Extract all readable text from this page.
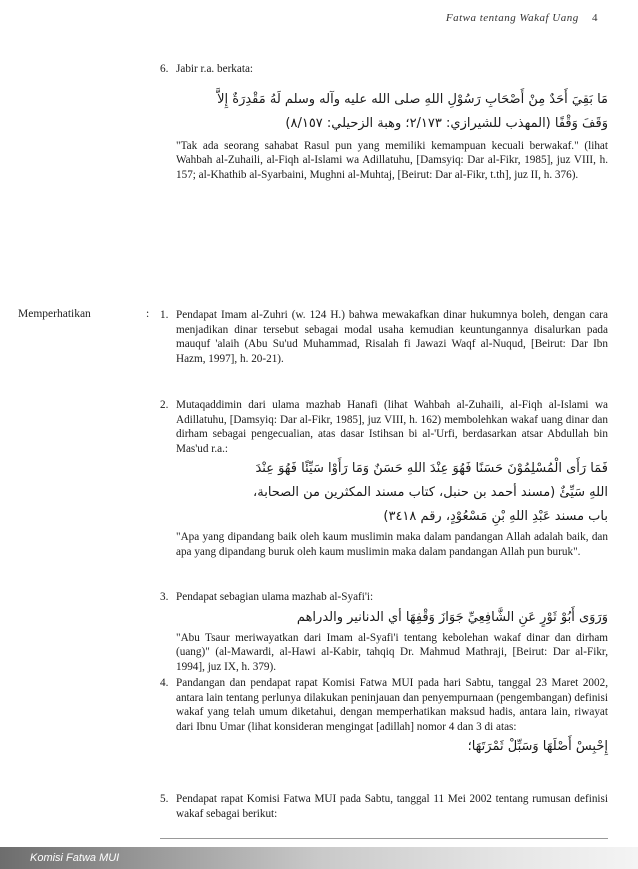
Fatwa tentang Wakaf Uang 4
6. Jabir r.a. berkata:
مَا بَقِيَ أَحَدٌ مِنْ أَصْحَابِ رَسُوْلِ اللهِ صلى الله عليه وآله وسلم لَهُ مَقْدِرَةٌ إِلاَّ
وَقَفَ وَقْفًا (المهذب للشيرازي: ٢/١٧٣؛ وهبة الزحيلي: ٨/١٥٧)
"Tak ada seorang sahabat Rasul pun yang memiliki kemampuan kecuali berwakaf." (lihat Wahbah al-Zuhaili, al-Fiqh al-Islami wa Adillatuhu, [Damsyiq: Dar al-Fikr, 1985], juz VIII, h. 157; al-Khathib al-Syarbaini, Mughni al-Muhtaj, [Beirut: Dar al-Fikr, t.th], juz II, h. 376).
Memperhatikan	: 1. Pendapat Imam al-Zuhri (w. 124 H.) bahwa mewakafkan dinar hukumnya boleh, dengan cara menjadikan dinar tersebut sebagai modal usaha kemudian keuntungannya disalurkan pada mauquf 'alaih (Abu Su'ud Muhammad, Risalah fi Jawazi Waqf al-Nuqud, [Beirut: Dar Ibn Hazm, 1997], h. 20-21).
2. Mutaqaddimin dari ulama mazhab Hanafi (lihat Wahbah al-Zuhaili, al-Fiqh al-Islami wa Adillatuhu, [Damsyiq: Dar al-Fikr, 1985], juz VIII, h. 162) membolehkan wakaf uang dinar dan dirham sebagai pengecualian, atas dasar Istihsan bi al-'Urfi, berdasarkan atsar Abdullah bin Mas'ud r.a.:
فَمَا رَأَى الْمُسْلِمُوْنَ حَسَنًا فَهُوَ عِنْدَ اللهِ حَسَنٌ وَمَا رَأَوْا سَيِّئًا فَهُوَ عِنْدَ
اللهِ سَيِّئٌ (مسند أحمد بن حنبل، كتاب مسند المكثرين من الصحابة،
باب مسند عَبْدِ اللهِ بْنِ مَسْعُوْدٍ، رقم ٣٤١٨)
"Apa yang dipandang baik oleh kaum muslimin maka dalam pandangan Allah adalah baik, dan apa yang dipandang buruk oleh kaum muslimin maka dalam pandangan Allah pun buruk".
3. Pendapat sebagian ulama mazhab al-Syafi'i:
وَرَوَى أَبُوْ ثَوْرٍ عَنِ الشَّافِعِيِّ جَوَازَ وَقْفِهَا أي الدنانير والدراهم
"Abu Tsaur meriwayatkan dari Imam al-Syafi'i tentang kebolehan wakaf dinar dan dirham (uang)" (al-Mawardi, al-Hawi al-Kabir, tahqiq Dr. Mahmud Mathraji, [Beirut: Dar al-Fikr, 1994], juz IX, h. 379).
4. Pandangan dan pendapat rapat Komisi Fatwa MUI pada hari Sabtu, tanggal 23 Maret 2002, antara lain tentang perlunya dilakukan peninjauan dan penyempurnaan (pengembangan) definisi wakaf yang telah umum diketahui, dengan memperhatikan maksud hadis, antara lain, riwayat dari Ibnu Umar (lihat konsideran mengingat [adillah] nomor 4 dan 3 di atas:
إِحْبِسْ أَصْلَهَا وَسَبِّلْ ثَمْرَتَهَا؛
5. Pendapat rapat Komisi Fatwa MUI pada Sabtu, tanggal 11 Mei 2002 tentang rumusan definisi wakaf sebagai berikut:
Komisi Fatwa MUI
